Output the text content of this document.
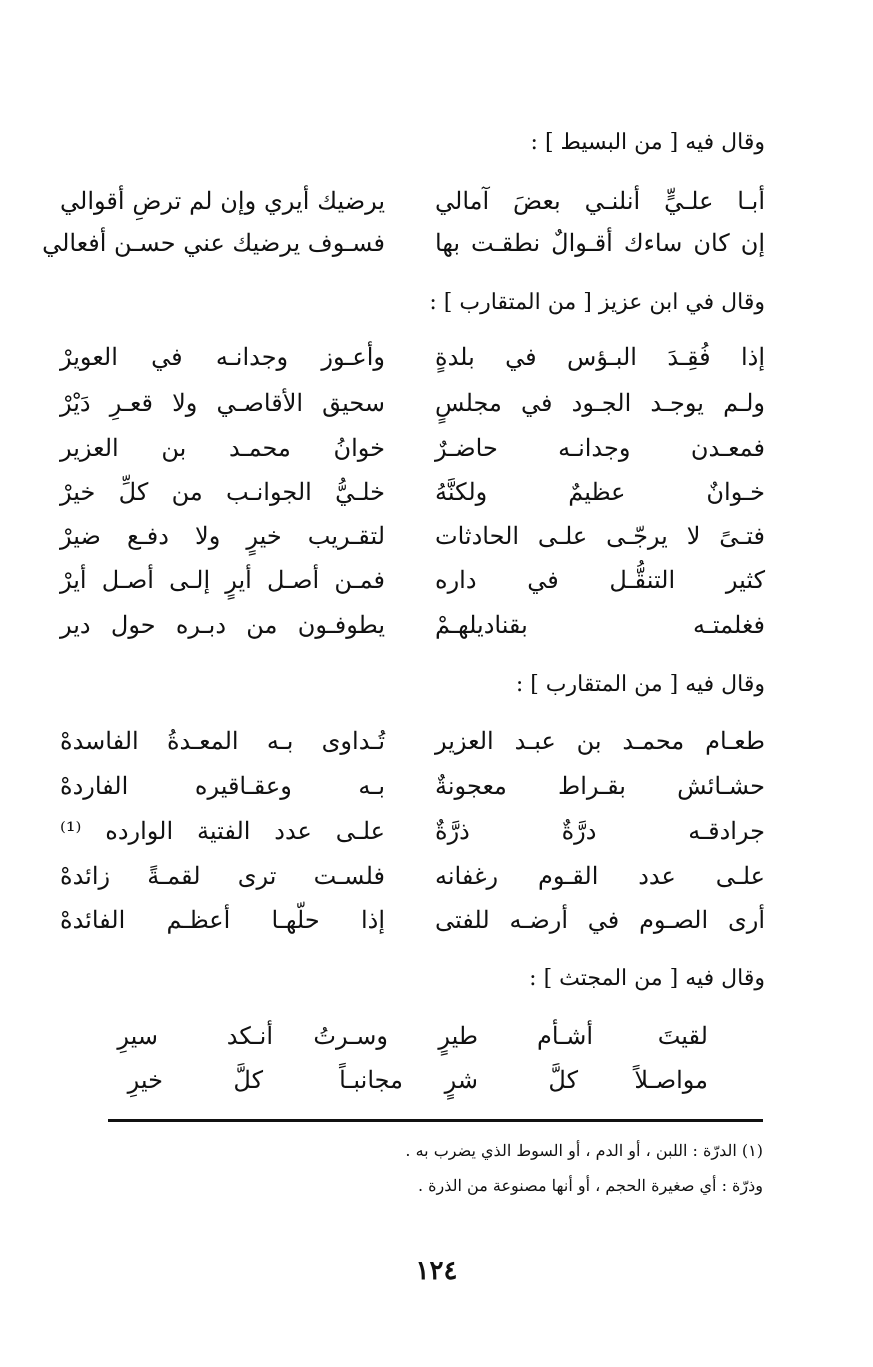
وقال فيه [ من البسيط ] :
أبـا علـيٍّ أنلنـي بعضَ آمالي
يرضيك أيري وإن لم ترضِ أقوالي
إن كان ساءك أقـوالٌ نطقـت بها
فسـوف يرضيك عني حسـن أفعالي
وقال في ابن عزيز [ من المتقارب ] :
إذا فُقِـدَ البـؤس في بلدةٍ
وأعـوز وجدانـه في العويرْ
ولـم يوجـد الجـود في مجلسٍ
سحيق الأقاصـي ولا قعـرِ دَيْرْ
فمعـدن وجدانـه حاضـرٌ
خوانُ محمـد بن العزير
خـوانٌ عظيمٌ ولكنَّهُ
خلـيُّ الجوانـب من كلِّ خيرْ
فتـىً لا يرجّـى علـى الحادثات
لتقـريب خيرٍ ولا دفـع ضيرْ
كثير التنقُّـل في داره
فمـن أصـل أيرٍ إلـى أصـل أيرْ
فغلمتـه بقناديلهـمْ
يطوفـون من دبـره حول دير
وقال فيه [ من المتقارب ] :
طعـام محمـد بن عبـد العزير
تُـداوى بـه المعـدةُ الفاسدهْ
حشـائش بقـراط معجونةٌ
بـه وعقـاقيره الفاردهْ
جرادقـه درَّةٌ ذرَّةٌ
علـى عدد الفتية الوارده ⁽¹⁾
علـى عدد القـوم رغفانه
فلسـت ترى لقمـةً زائدهْ
أرى الصـوم في أرضـه للفتى
إذا حلّهـا أعظـم الفائدهْ
وقال فيه [ من المجتث ] :
لقيتَ
أشـأم
طيرٍ
وسـرتُ
أنـكد
سيرِ
مواصـلاً
كلَّ
شرٍ
مجانبـاً
كلَّ
خيرِ
(١) الدرّة : اللبن ، أو الدم ، أو السوط الذي يضرب به .
وذرّة : أي صغيرة الحجم ، أو أنها مصنوعة من الذرة .
١٢٤
